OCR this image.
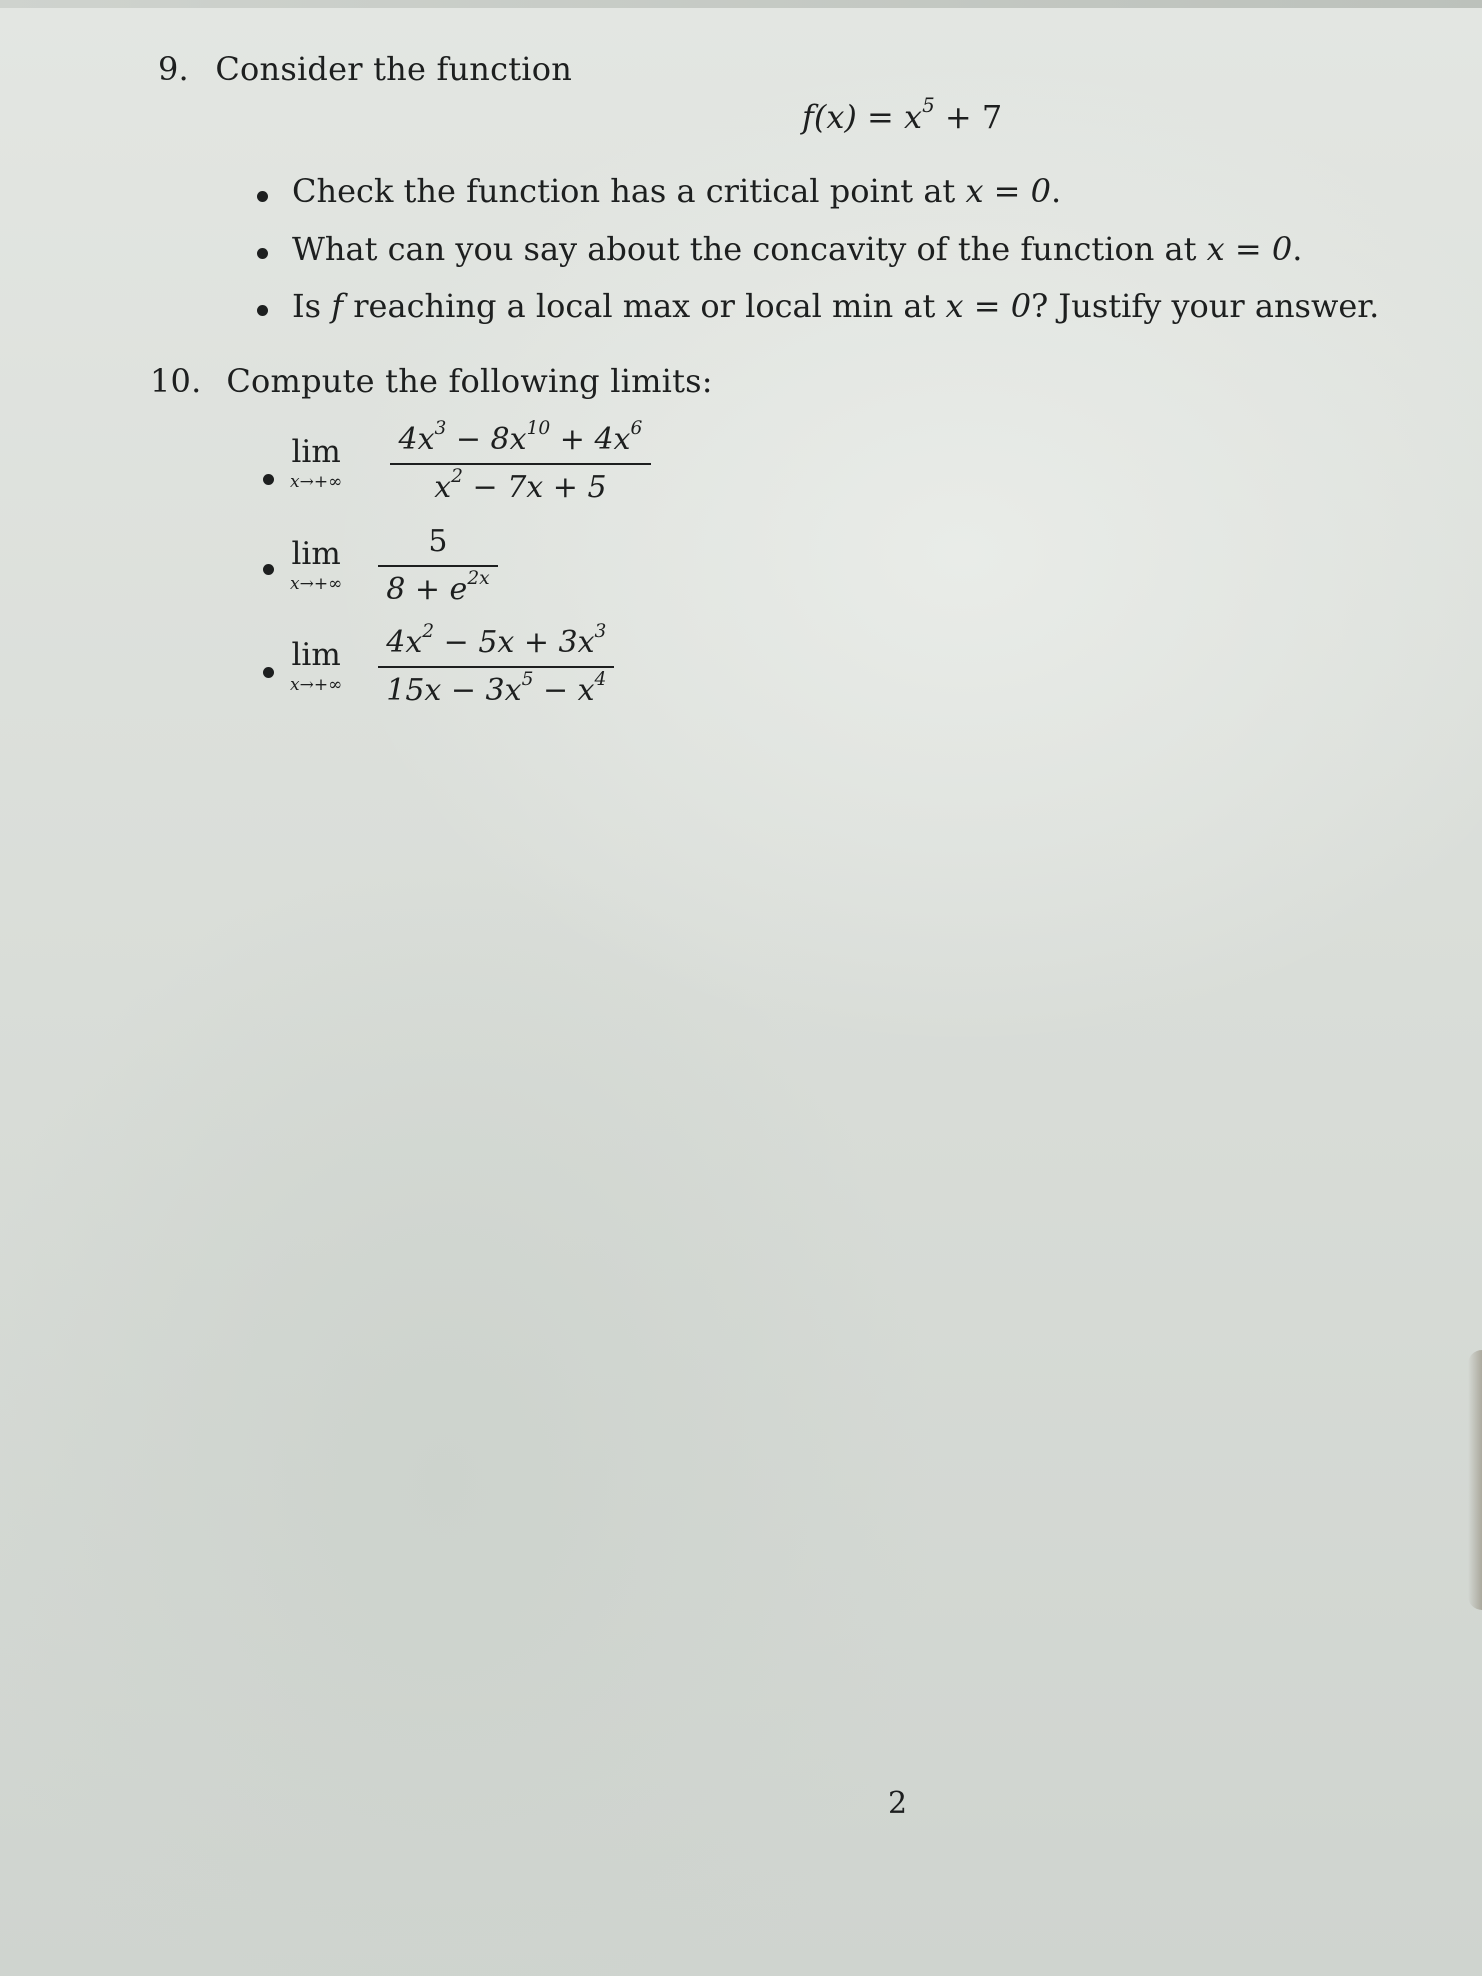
9. Consider the function
$f(x) = x^5 + 7$
Check the function has a critical point at x = 0.
What can you say about the concavity of the function at x = 0.
Is f reaching a local max or local min at x = 0? Justify your answer.
10. Compute the following limits:
lim
$x\to+\infty \frac{4x^3 - 8x^{10} + 4x^6}{x^2 - 7x + 5}$
lim
$x\to+\infty \frac{5}{8 + e^{2x}}$
lim
$x\to+\infty \frac{4x^2 - 5x + 3x^3}{15x - 3x^5 - x^4}$
2
